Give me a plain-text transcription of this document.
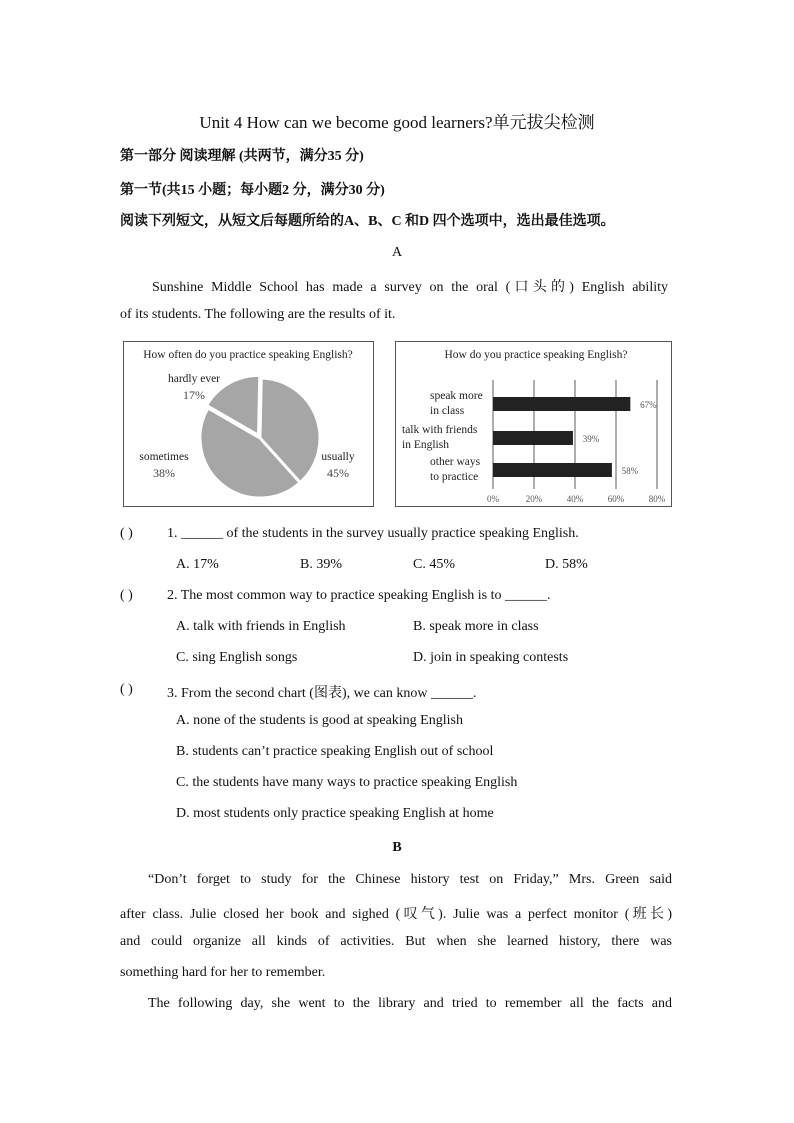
Unit 4 How can we become good learners?单元拔尖检测
第一部分 阅读理解 (共两节，满分35 分)
第一节(共15 小题；每小题2 分，满分30 分)
阅读下列短文，从短文后每题所给的A、B、C 和D 四个选项中，选出最佳选项。
A
Sunshine Middle School has made a survey on the oral (口头的) English ability
of its students. The following are the results of it.
How often do you practice speaking English?
hardly ever
17%
sometimes
38%
usually
45%
How do you practice speaking English?
67%
39%
58%
speak more
in class
talk with friends
in English
other ways
to practice
0%	20%	40%	60%	80%
( ) 1. ______ of the students in the survey usually practice speaking English.
A. 17%	B. 39%	C. 45%	D. 58%
( ) 2. The most common way to practice speaking English is to ______.
A. talk with friends in English	B. speak more in class
C. sing English songs	D. join in speaking contests
( ) 3. From the second chart (图表), we can know ______.
A. none of the students is good at speaking English
B. students can’t practice speaking English out of school
C. the students have many ways to practice speaking English
D. most students only practice speaking English at home
B
“Don’t forget to study for the Chinese history test on Friday,” Mrs. Green said
after class. Julie closed her book and sighed (叹气). Julie was a perfect monitor (班长)
and could organize all kinds of activities. But when she learned history, there was
something hard for her to remember.
The following day, she went to the library and tried to remember all the facts and
